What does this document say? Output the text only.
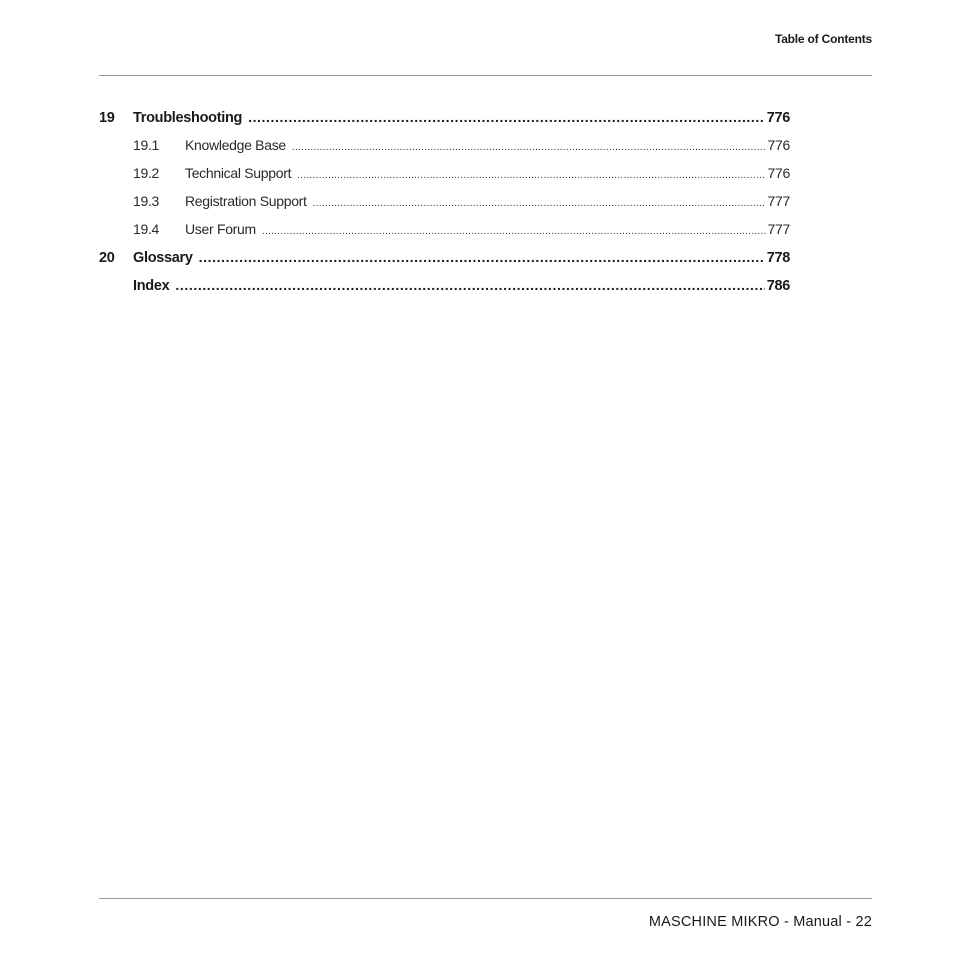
Table of Contents
19	Troubleshooting .....	776
19.1	Knowledge Base .....	776
19.2	Technical Support .....	776
19.3	Registration Support .....	777
19.4	User Forum .....	777
20	Glossary .....	778
Index .....	786
MASCHINE MIKRO - Manual - 22
